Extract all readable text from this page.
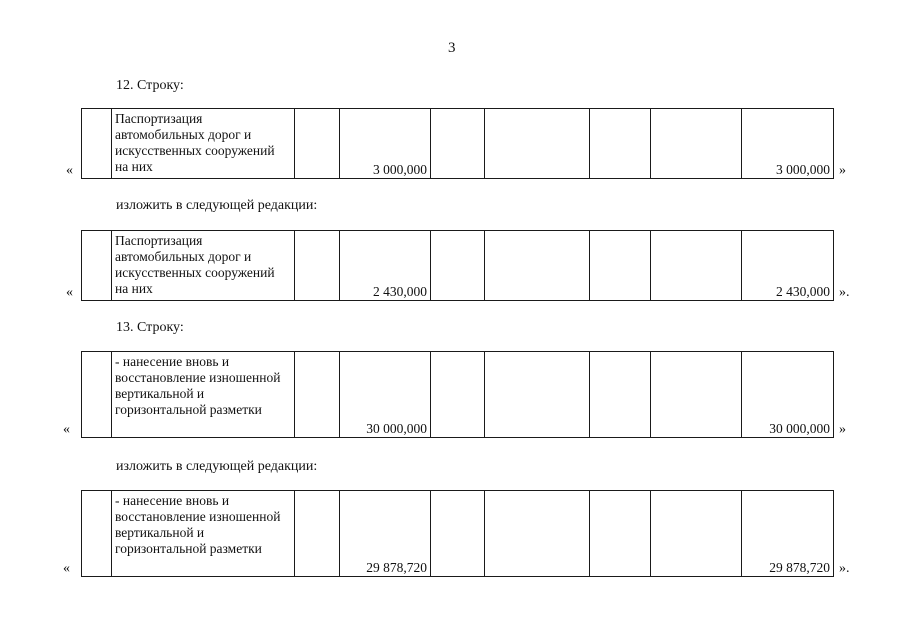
3
12. Строку:
«
	Паспортизация автомобильных дорог и искусственных сооружений на них		3 000,000					3 000,000 »
изложить в следующей редакции:
«
	Паспортизация автомобильных дорог и искусственных сооружений на них		2 430,000					2 430,000 ».
13. Строку:
«
	- нанесение вновь и восстановление изношенной вертикальной и горизонтальной разметки		30 000,000					30 000,000 »
изложить в следующей редакции:
«
	- нанесение вновь и восстановление изношенной вертикальной и горизонтальной разметки		29 878,720					29 878,720 ».
